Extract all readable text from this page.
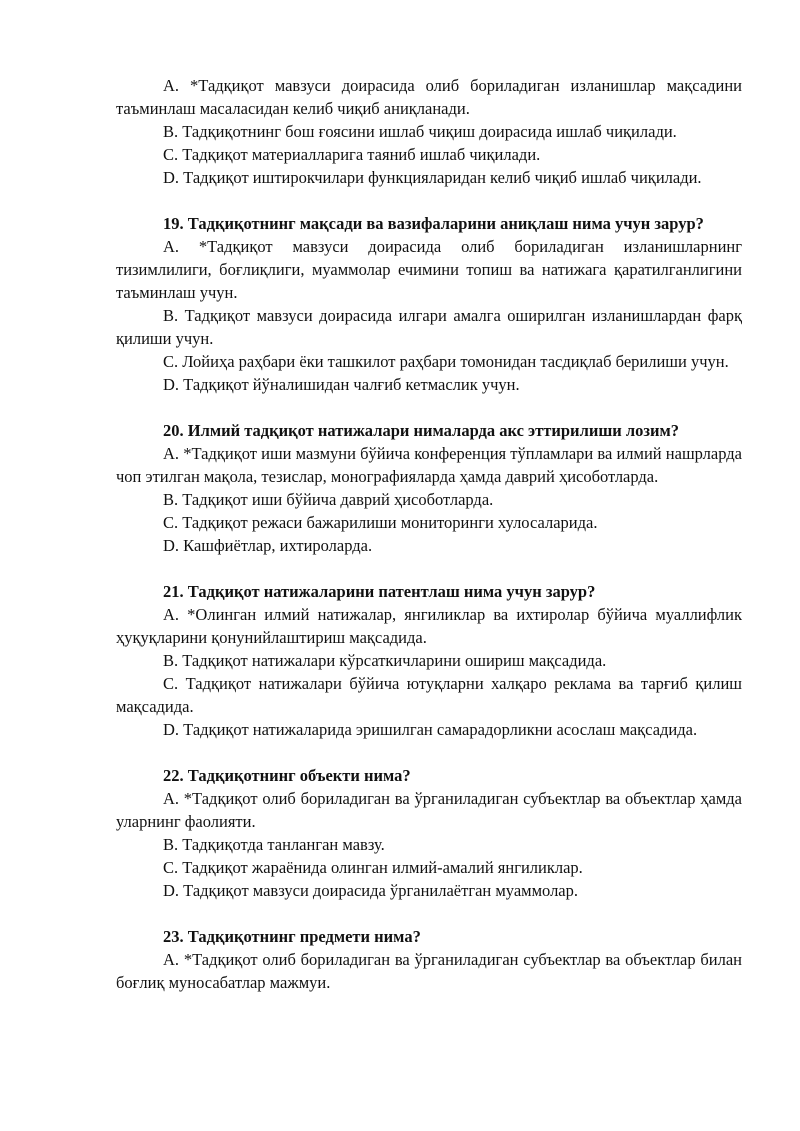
A. *Тадқиқот мавзуси доирасида олиб бориладиган изланишлар мақсадини таъминлаш масаласидан келиб чиқиб аниқланади.

B. Тадқиқотнинг бош ғоясини ишлаб чиқиш доирасида ишлаб чиқилади.

C. Тадқиқот материалларига таяниб ишлаб чиқилади.

D. Тадқиқот иштирокчилари функцияларидан келиб чиқиб ишлаб чиқилади.

19. Тадқиқотнинг мақсади ва вазифаларини аниқлаш нима учун зарур?

A. *Тадқиқот мавзуси доирасида олиб бориладиган изланишларнинг тизимлилиги, боғлиқлиги, муаммолар ечимини топиш ва натижага қаратилганлигини таъминлаш учун.

B. Тадқиқот мавзуси доирасида илгари амалга оширилган изланишлардан фарқ қилиши учун.

C. Лойиҳа раҳбари ёки ташкилот раҳбари томонидан тасдиқлаб берилиши учун.

D. Тадқиқот йўналишидан чалғиб кетмаслик учун.

20. Илмий тадқиқот натижалари нималарда акс эттирилиши лозим?

A. *Тадқиқот иши мазмуни бўйича конференция тўпламлари ва илмий нашрларда чоп этилган мақола, тезислар, монографияларда ҳамда даврий ҳисоботларда.

B. Тадқиқот иши бўйича даврий ҳисоботларда.

C. Тадқиқот режаси бажарилиши мониторинги хулосаларида.

D. Кашфиётлар, ихтироларда.

21. Тадқиқот натижаларини патентлаш нима учун зарур?

A. *Олинган илмий натижалар, янгиликлар ва ихтиролар бўйича муаллифлик ҳуқуқларини қонунийлаштириш мақсадида.

B. Тадқиқот натижалари кўрсаткичларини ошириш мақсадида.

C. Тадқиқот натижалари бўйича ютуқларни халқаро реклама ва тарғиб қилиш мақсадида.

D. Тадқиқот натижаларида эришилган самарадорликни асослаш мақсадида.

22. Тадқиқотнинг объекти нима?

A. *Тадқиқот олиб бориладиган ва ўрганиладиган субъектлар ва объектлар ҳамда уларнинг фаолияти.

B. Тадқиқотда танланган мавзу.

C. Тадқиқот жараёнида олинган илмий-амалий янгиликлар.

D. Тадқиқот мавзуси доирасида ўрганилаётган муаммолар.

23. Тадқиқотнинг предмети нима?

A. *Тадқиқот олиб бориладиган ва ўрганиладиган субъектлар ва объектлар билан боғлиқ муносабатлар мажмуи.
